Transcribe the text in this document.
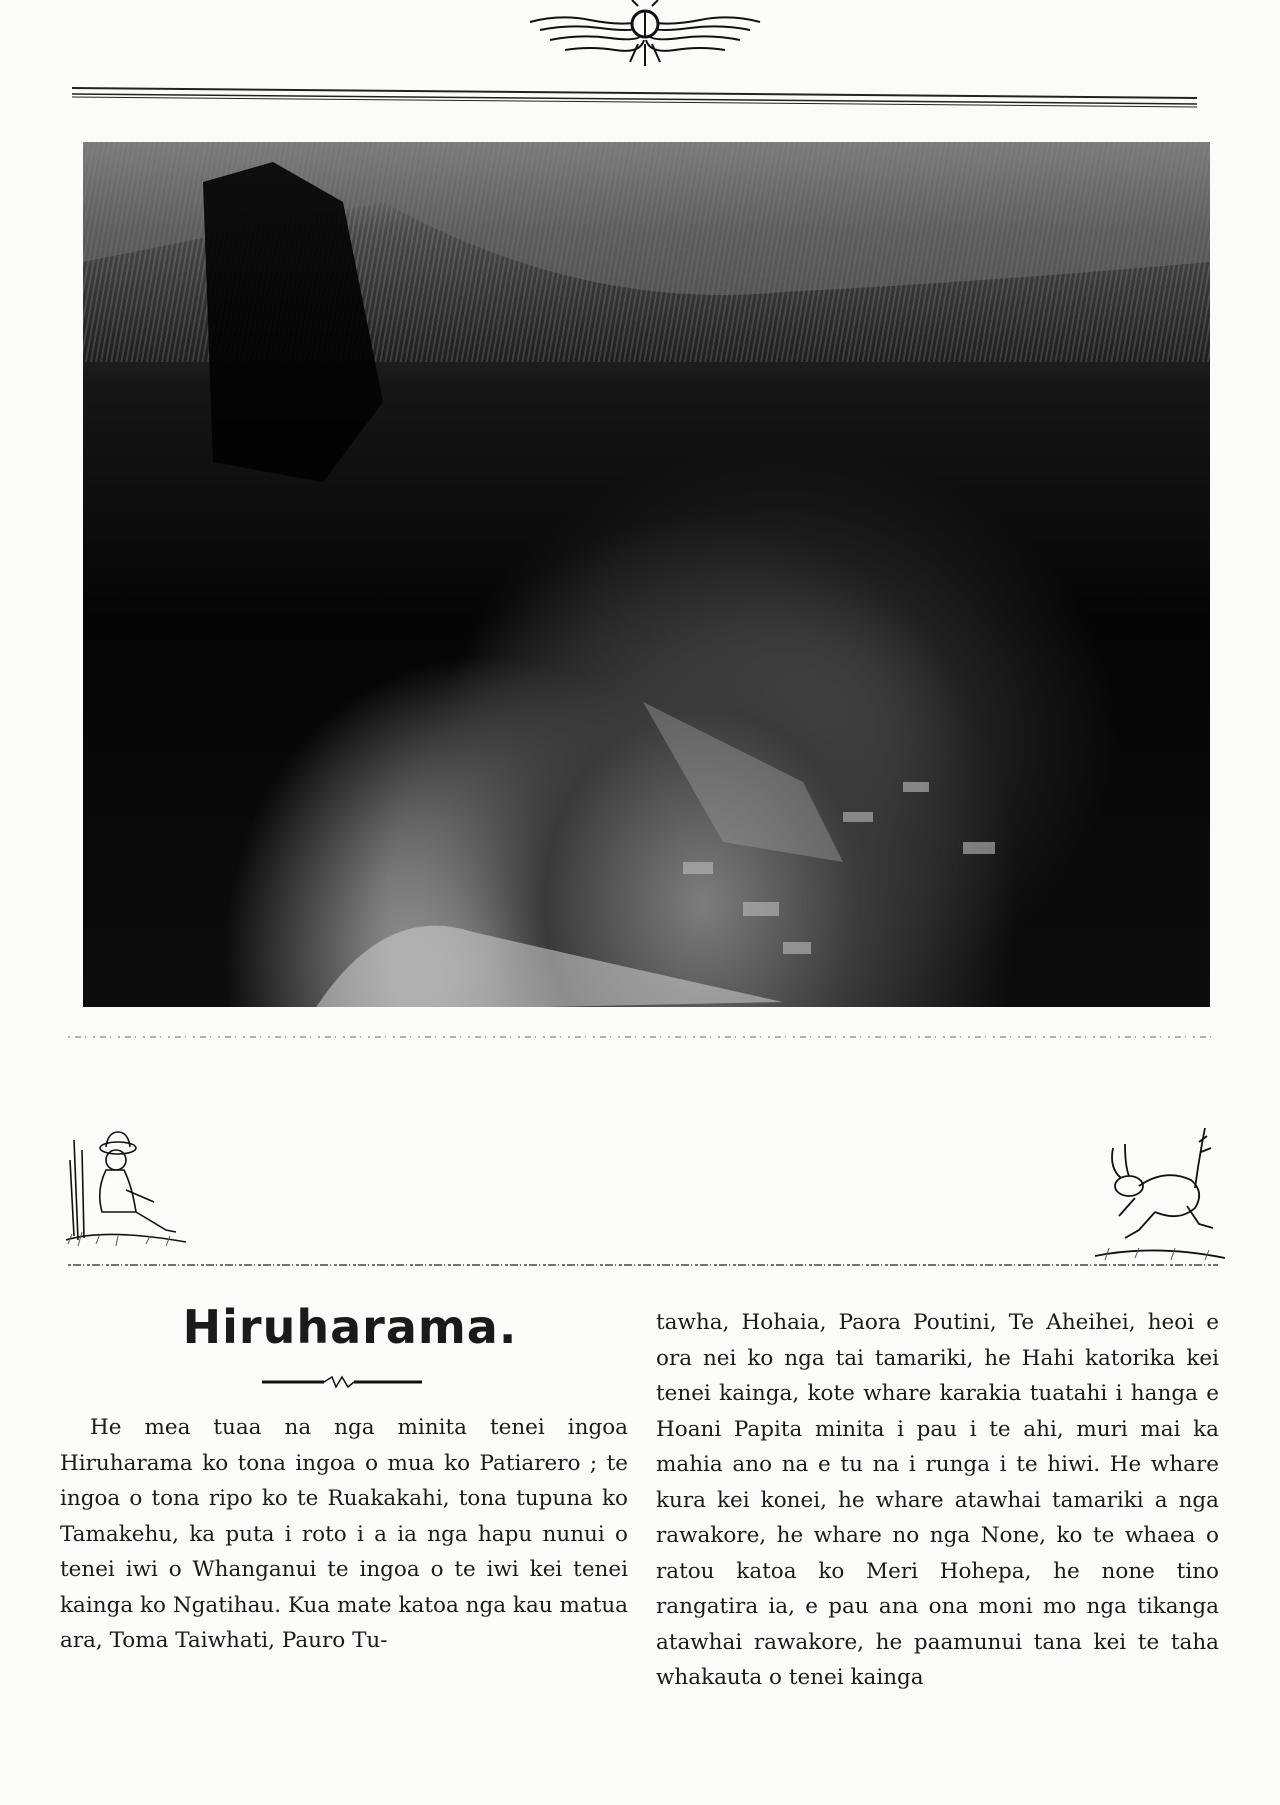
Hiruharama.

He mea tuaa na nga minita tenei ingoa Hiruharama ko tona ingoa o mua ko Patiarero ; te ingoa o tona ripo ko te Ruakakahi, tona tupuna ko Tamakehu, ka puta i roto i a ia nga hapu nunui o tenei iwi o Whanganui te ingoa o te iwi kei tenei kainga ko Ngatihau. Kua mate katoa nga kau matua ara, Toma Taiwhati, Pauro Tu-

tawha, Hohaia, Paora Poutini, Te Aheihei, heoi e ora nei ko nga tai tamariki, he Hahi katorika kei tenei kainga, kote whare karakia tuatahi i hanga e Hoani Papita minita i pau i te ahi, muri mai ka mahia ano na e tu na i runga i te hiwi. He whare kura kei konei, he whare atawhai tamariki a nga rawakore, he whare no nga None, ko te whaea o ratou katoa ko Meri Hohepa, he none tino rangatira ia, e pau ana ona moni mo nga tikanga atawhai rawakore, he paamunui tana kei te taha whakauta o tenei kainga
